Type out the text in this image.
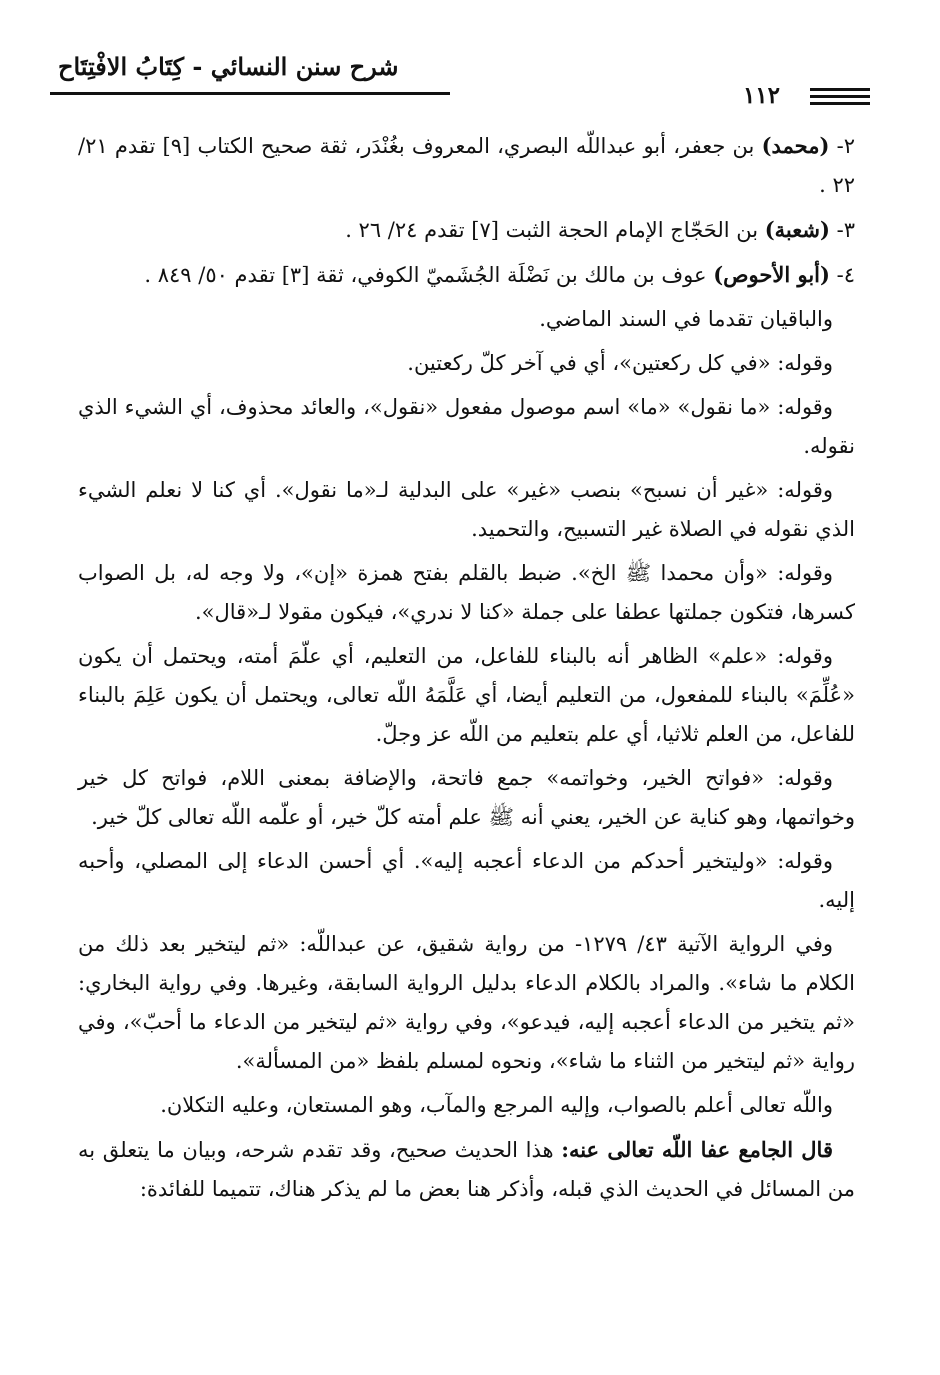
شرح سنن النسائي - كِتَابُ الافْتِتَاح
١١٢
٢- (محمد) بن جعفر، أبو عبداللّه البصري، المعروف بغُنْدَر، ثقة صحيح الكتاب [٩] تقدم ٢١/ ٢٢ .
٣- (شعبة) بن الحَجّاج الإمام الحجة الثبت [٧] تقدم ٢٤/ ٢٦ .
٤- (أبو الأحوص) عوف بن مالك بن نَضْلَة الجُشَميّ الكوفي، ثقة [٣] تقدم ٥٠/ ٨٤٩ .
والباقيان تقدما في السند الماضي.
وقوله: «في كل ركعتين»، أي في آخر كلّ ركعتين.
وقوله: «ما نقول» «ما» اسم موصول مفعول «نقول»، والعائد محذوف، أي الشيء الذي نقوله.
وقوله: «غير أن نسبح» بنصب «غير» على البدلية لـ«ما نقول». أي كنا لا نعلم الشيء الذي نقوله في الصلاة غير التسبيح، والتحميد.
وقوله: «وأن محمدا ﷺ الخ». ضبط بالقلم بفتح همزة «إن»، ولا وجه له، بل الصواب كسرها، فتكون جملتها عطفا على جملة «كنا لا ندري»، فيكون مقولا لـ«قال».
وقوله: «علم» الظاهر أنه بالبناء للفاعل، من التعليم، أي علّمَ أمته، ويحتمل أن يكون «عُلِّمَ» بالبناء للمفعول، من التعليم أيضا، أي عَلَّمَهُ اللّه تعالى، ويحتمل أن يكون عَلِمَ بالبناء للفاعل، من العلم ثلاثيا، أي علم بتعليم من اللّه عز وجلّ.
وقوله: «فواتح الخير، وخواتمه» جمع فاتحة، والإضافة بمعنى اللام، فواتح كل خير وخواتمها، وهو كناية عن الخير، يعني أنه ﷺ علم أمته كلّ خير، أو علّمه اللّه تعالى كلّ خير.
وقوله: «وليتخير أحدكم من الدعاء أعجبه إليه». أي أحسن الدعاء إلى المصلي، وأحبه إليه.
وفي الرواية الآتية ٤٣/ ١٢٧٩- من رواية شقيق، عن عبداللّه: «ثم ليتخير بعد ذلك من الكلام ما شاء». والمراد بالكلام الدعاء بدليل الرواية السابقة، وغيرها. وفي رواية البخاري: «ثم يتخير من الدعاء أعجبه إليه، فيدعو»، وفي رواية «ثم ليتخير من الدعاء ما أحبّ»، وفي رواية «ثم ليتخير من الثناء ما شاء»، ونحوه لمسلم بلفظ «من المسألة».
واللّه تعالى أعلم بالصواب، وإليه المرجع والمآب، وهو المستعان، وعليه التكلان.
قال الجامع عفا اللّه تعالى عنه: هذا الحديث صحيح، وقد تقدم شرحه، وبيان ما يتعلق به من المسائل في الحديث الذي قبله، وأذكر هنا بعض ما لم يذكر هناك، تتميما للفائدة:
